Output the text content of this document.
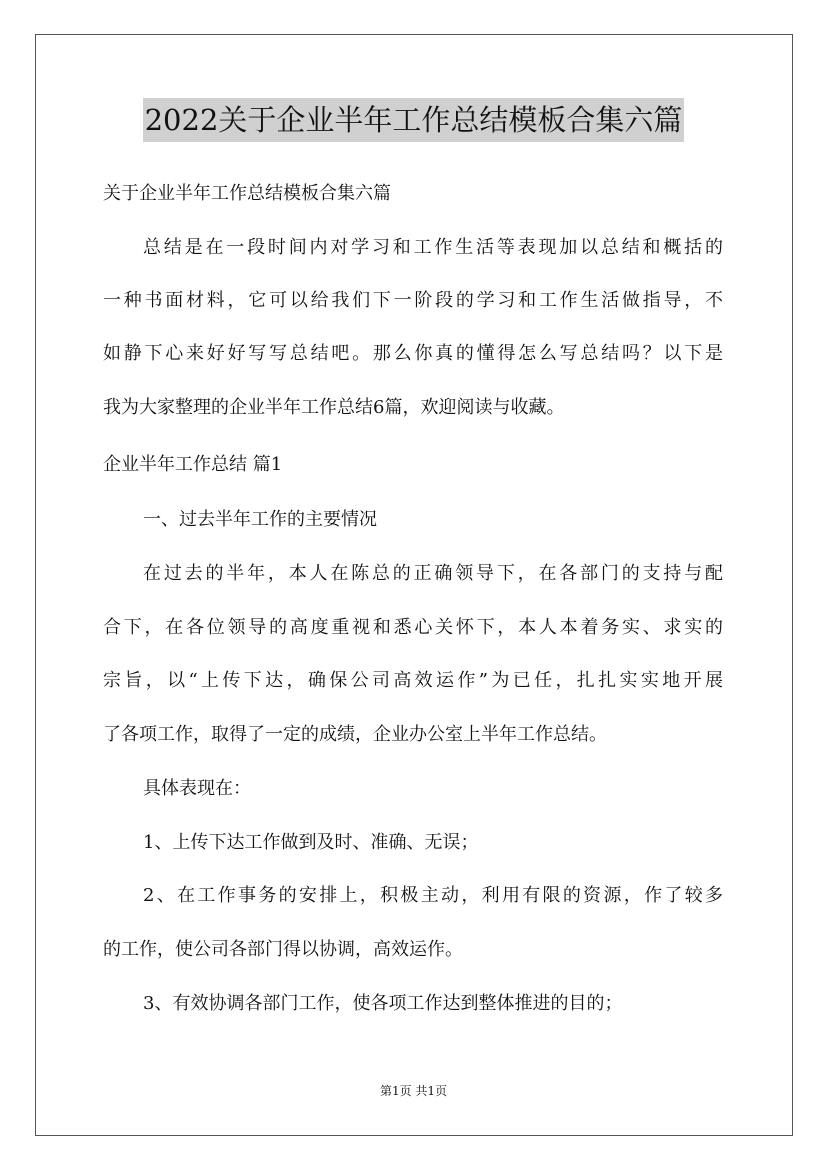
2022关于企业半年工作总结模板合集六篇
关于企业半年工作总结模板合集六篇
总结是在一段时间内对学习和工作生活等表现加以总结和概括的
一种书面材料，它可以给我们下一阶段的学习和工作生活做指导，不
如静下心来好好写写总结吧。那么你真的懂得怎么写总结吗？以下是
我为大家整理的企业半年工作总结6篇，欢迎阅读与收藏。
企业半年工作总结 篇1
一、过去半年工作的主要情况
在过去的半年，本人在陈总的正确领导下，在各部门的支持与配
合下，在各位领导的高度重视和悉心关怀下，本人本着务实、求实的
宗旨，以“上传下达，确保公司高效运作”为已任，扎扎实实地开展
了各项工作，取得了一定的成绩，企业办公室上半年工作总结。
具体表现在：
1、上传下达工作做到及时、准确、无误；
2、在工作事务的安排上，积极主动，利用有限的资源，作了较多
的工作，使公司各部门得以协调，高效运作。
3、有效协调各部门工作，使各项工作达到整体推进的目的；
第1页 共1页
